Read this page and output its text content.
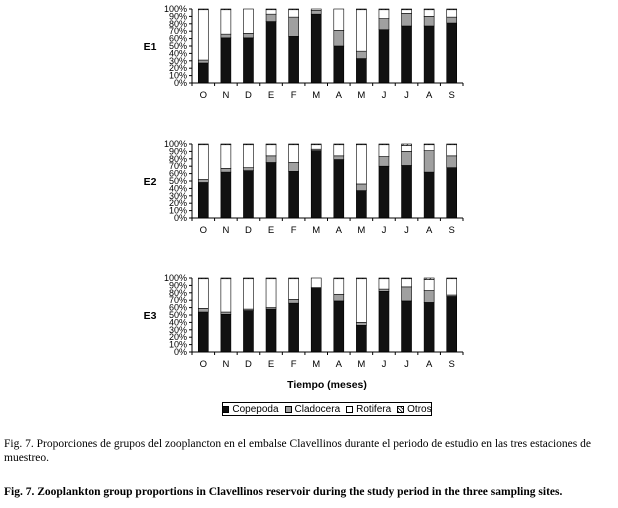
0%
10%
20%
30%
40%
50%
60%
70%
80%
90%
100%
O N D E F M A M J J A S
E1
0%
10%
20%
30%
40%
50%
60%
70%
80%
90%
100%
O N D E F M A M J J A S
E2
0%
10%
20%
30%
40%
50%
60%
70%
80%
90%
100%
O N D E F M A M J J A S
E3
Tiempo (meses)
Copepoda Cladocera Rotifera Otros
Fig. 7. Proporciones de grupos del zooplancton en el embalse Clavellinos durante el periodo de estudio en las tres estaciones de muestreo.
Fig. 7. Zooplankton group proportions in Clavellinos reservoir during the study period in the three sampling sites.
